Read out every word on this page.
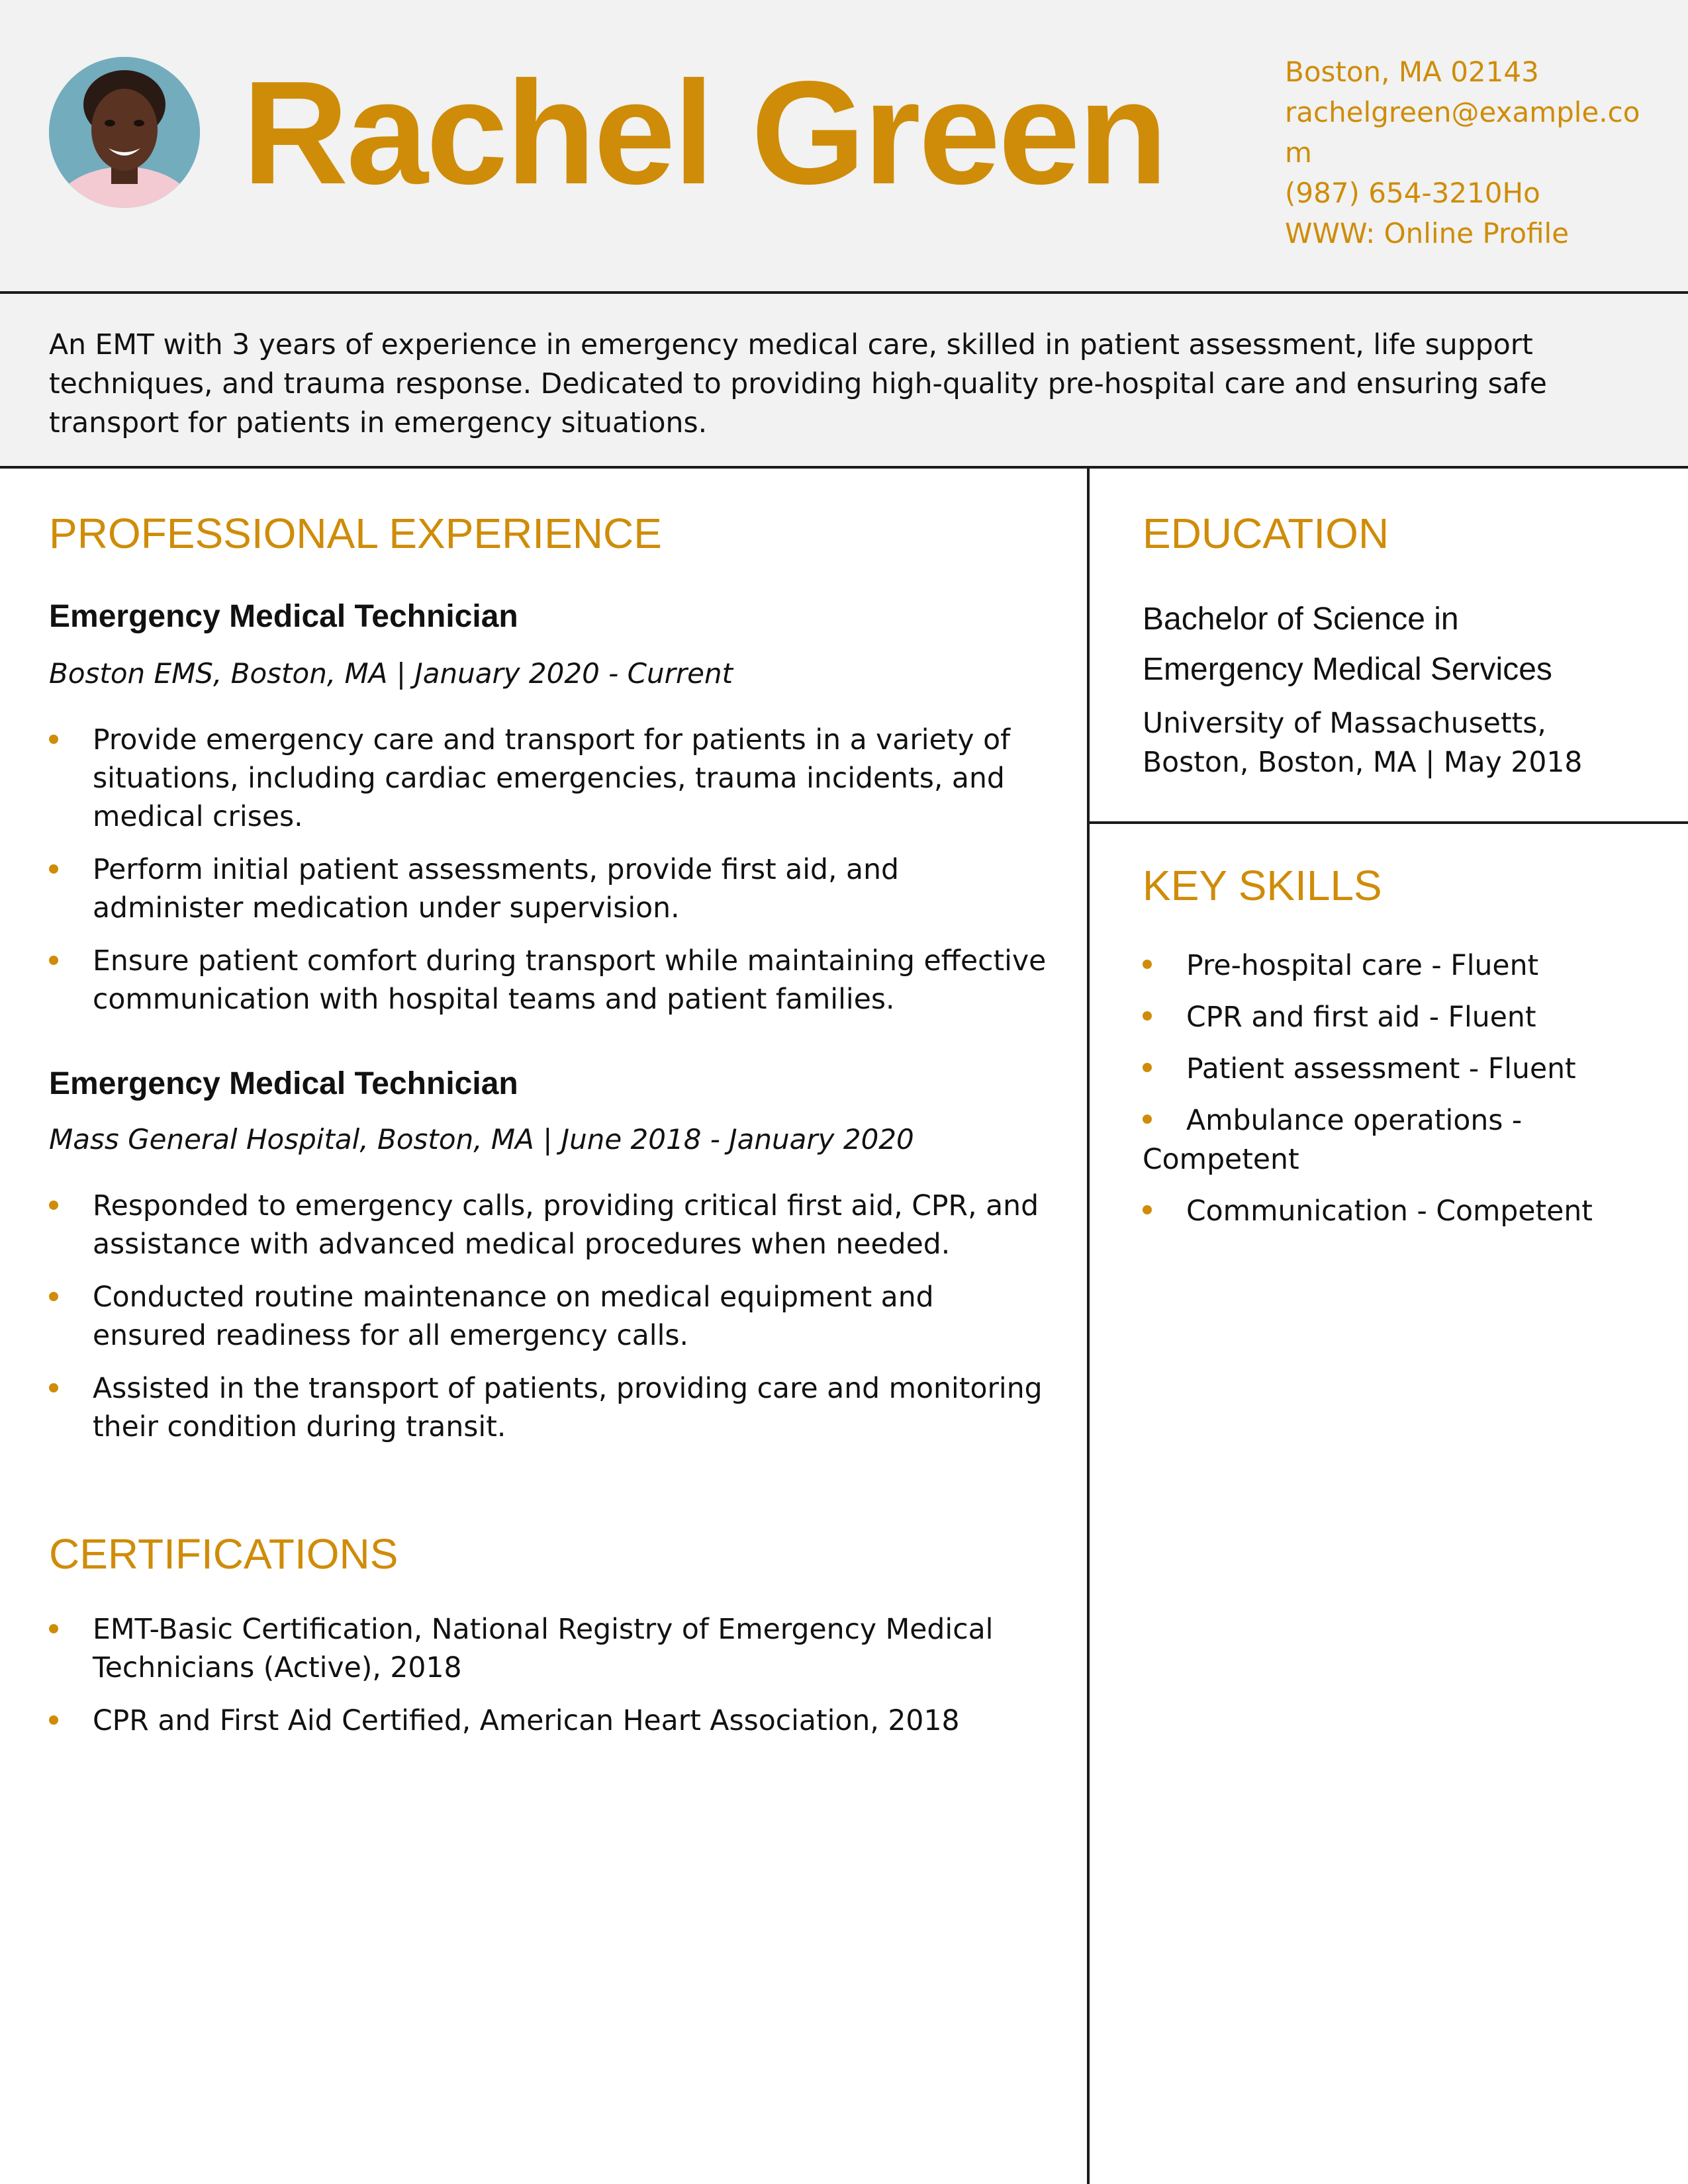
Rachel Green	Boston, MA 02143
rachelgreen@example.co
m
(987) 654-3210Ho
WWW: Online Profile

An EMT with 3 years of experience in emergency medical care, skilled in patient assessment, life support techniques, and trauma response. Dedicated to providing high-quality pre-hospital care and ensuring safe transport for patients in emergency situations.

PROFESSIONAL EXPERIENCE
Emergency Medical Technician

Boston EMS, Boston, MA | January 2020 - Current

Provide emergency care and transport for patients in a variety of situations, including cardiac emergencies, trauma incidents, and medical crises.
Perform initial patient assessments, provide first aid, and administer medication under supervision.
Ensure patient comfort during transport while maintaining effective communication with hospital teams and patient families.
Emergency Medical Technician

Mass General Hospital, Boston, MA | June 2018 - January 2020

Responded to emergency calls, providing critical first aid, CPR, and assistance with advanced medical procedures when needed.
Conducted routine maintenance on medical equipment and ensured readiness for all emergency calls.
Assisted in the transport of patients, providing care and monitoring their condition during transit.
CERTIFICATIONS
EMT-Basic Certification, National Registry of Emergency Medical Technicians (Active), 2018
CPR and First Aid Certified, American Heart Association, 2018
EDUCATION
Bachelor of Science in
Emergency Medical Services
University of Massachusetts,
Boston, Boston, MA | May 2018
KEY SKILLS
Pre-hospital care - Fluent
CPR and first aid - Fluent
Patient assessment - Fluent
Ambulance operations - Competent
Communication - Competent
